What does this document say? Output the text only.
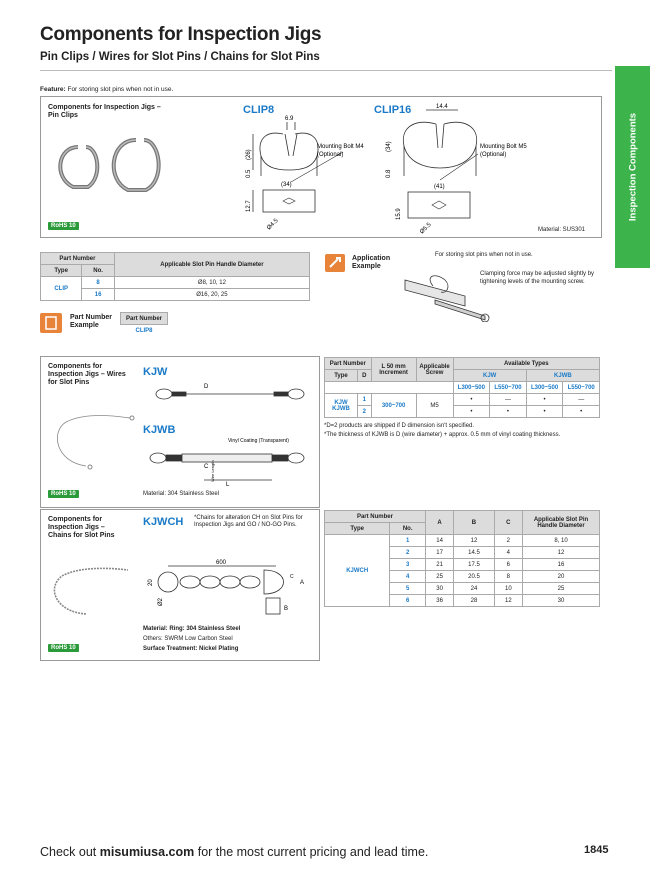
Components for Inspection Jigs
Pin Clips / Wires for Slot Pins / Chains for Slot Pins
Inspection Components
Feature: For storing slot pins when not in use.
Components for Inspection Jigs – Pin Clips
RoHS 10
CLIP8	CLIP16
6.9
(26)
0.5
(34)
12.7
Ø4.5
Mounting Bolt M4
(Optional)
14.4
(34)
0.8
(41)
15.9
Ø5.5
Mounting Bolt M5
(Optional)
Material: SUS301
Part Number		Applicable Slot Pin Handle Diameter
Type	No.	
CLIP	8	Ø8, 10, 12
	16	Ø16, 20, 25
Application Example
For storing slot pins when not in use.
Clamping force may be adjusted slightly by tightening levels of the mounting screw.
Part Number Example
Part Number
CLIP8
Components for Inspection Jigs – Wires for Slot Pins
KJW
KJWB
D
Vinyl Coating (Transparent)
C Wire Length
L
RoHS 10	Material: 304 Stainless Steel
Part Number		L 50 mm Increment	Applicable Screw	Available Types			
Type	D			KJW		KJWB	
				L300~500	L550~700	L300~500	L550~700
KJW
KJWB	1	300~700	M5	•	—	•	—
	2			•	•	•	•
*D=2 products are shipped if D dimension isn't specified.
*The thickness of KJWB is D (wire diameter) + approx. 0.5 mm of vinyl coating thickness.
Components for Inspection Jigs – Chains for Slot Pins
KJWCH *Chains for alteration CH on Slot Pins for Inspection Jigs and GO / NO-GO Pins.
600
20
Ø2
A
C
B
Material: Ring: 304 Stainless Steel
Others: SWRM Low Carbon Steel
Surface Treatment: Nickel Plating
RoHS 10
Part Number		A	B	C	Applicable Slot Pin Handle Diameter
Type	No.				
KJWCH	1	14	12	2	8, 10
	2	17	14.5	4	12
	3	21	17.5	6	16
	4	25	20.5	8	20
	5	30	24	10	25
	6	36	28	12	30
Check out misumiusa.com for the most current pricing and lead time.	1845
